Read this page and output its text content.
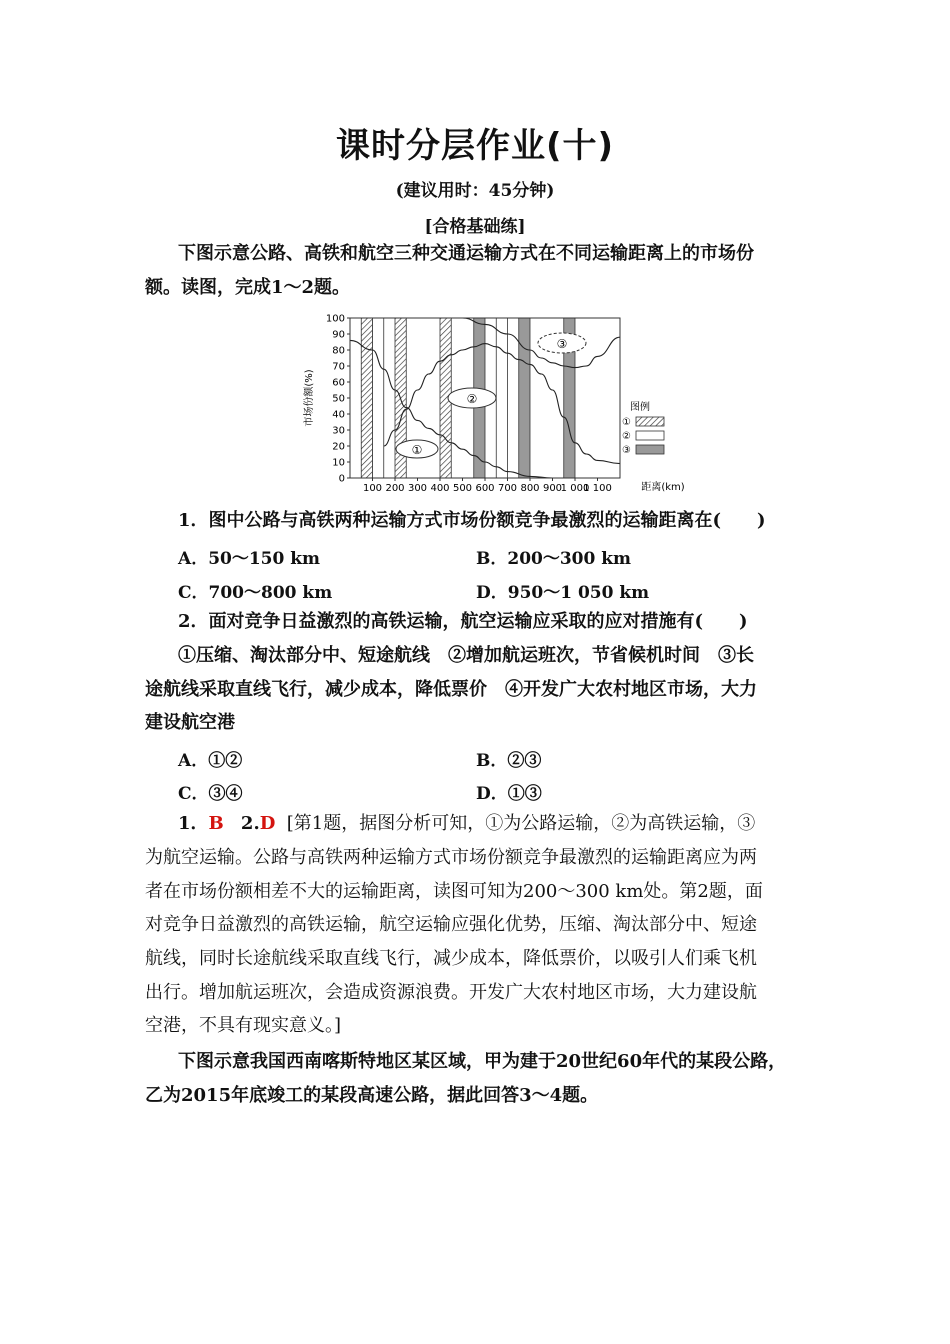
课时分层作业(十)
(建议用时：45分钟)
[合格基础练]
下图示意公路、高铁和航空三种交通运输方式在不同运输距离上的市场份
额。读图，完成1～2题。
0
10
20
30
40
50
60
70
80
90
100
100 200 300 400 500 600 700 800 900
1 000
1 100
①
②
③
市场份额(%)
距离(km)
图例
①
②
③
1．图中公路与高铁两种运输方式市场份额竞争最激烈的运输距离在(　　)
A．50～150 km	B．200～300 km
C．700～800 km	D．950～1 050 km
2．面对竞争日益激烈的高铁运输，航空运输应采取的应对措施有(　　)
①压缩、淘汰部分中、短途航线　②增加航运班次，节省候机时间　③长
途航线采取直线飞行，减少成本，降低票价　④开发广大农村地区市场，大力
建设航空港
A．①②	B．②③
C．③④	D．①③
1．B 2.D [第1题，据图分析可知，①为公路运输，②为高铁运输，③
为航空运输。公路与高铁两种运输方式市场份额竞争最激烈的运输距离应为两
者在市场份额相差不大的运输距离，读图可知为200～300 km处。第2题，面
对竞争日益激烈的高铁运输，航空运输应强化优势，压缩、淘汰部分中、短途
航线，同时长途航线采取直线飞行，减少成本，降低票价，以吸引人们乘飞机
出行。增加航运班次，会造成资源浪费。开发广大农村地区市场，大力建设航
空港，不具有现实意义。]
下图示意我国西南喀斯特地区某区域，甲为建于20世纪60年代的某段公路，
乙为2015年底竣工的某段高速公路，据此回答3～4题。
